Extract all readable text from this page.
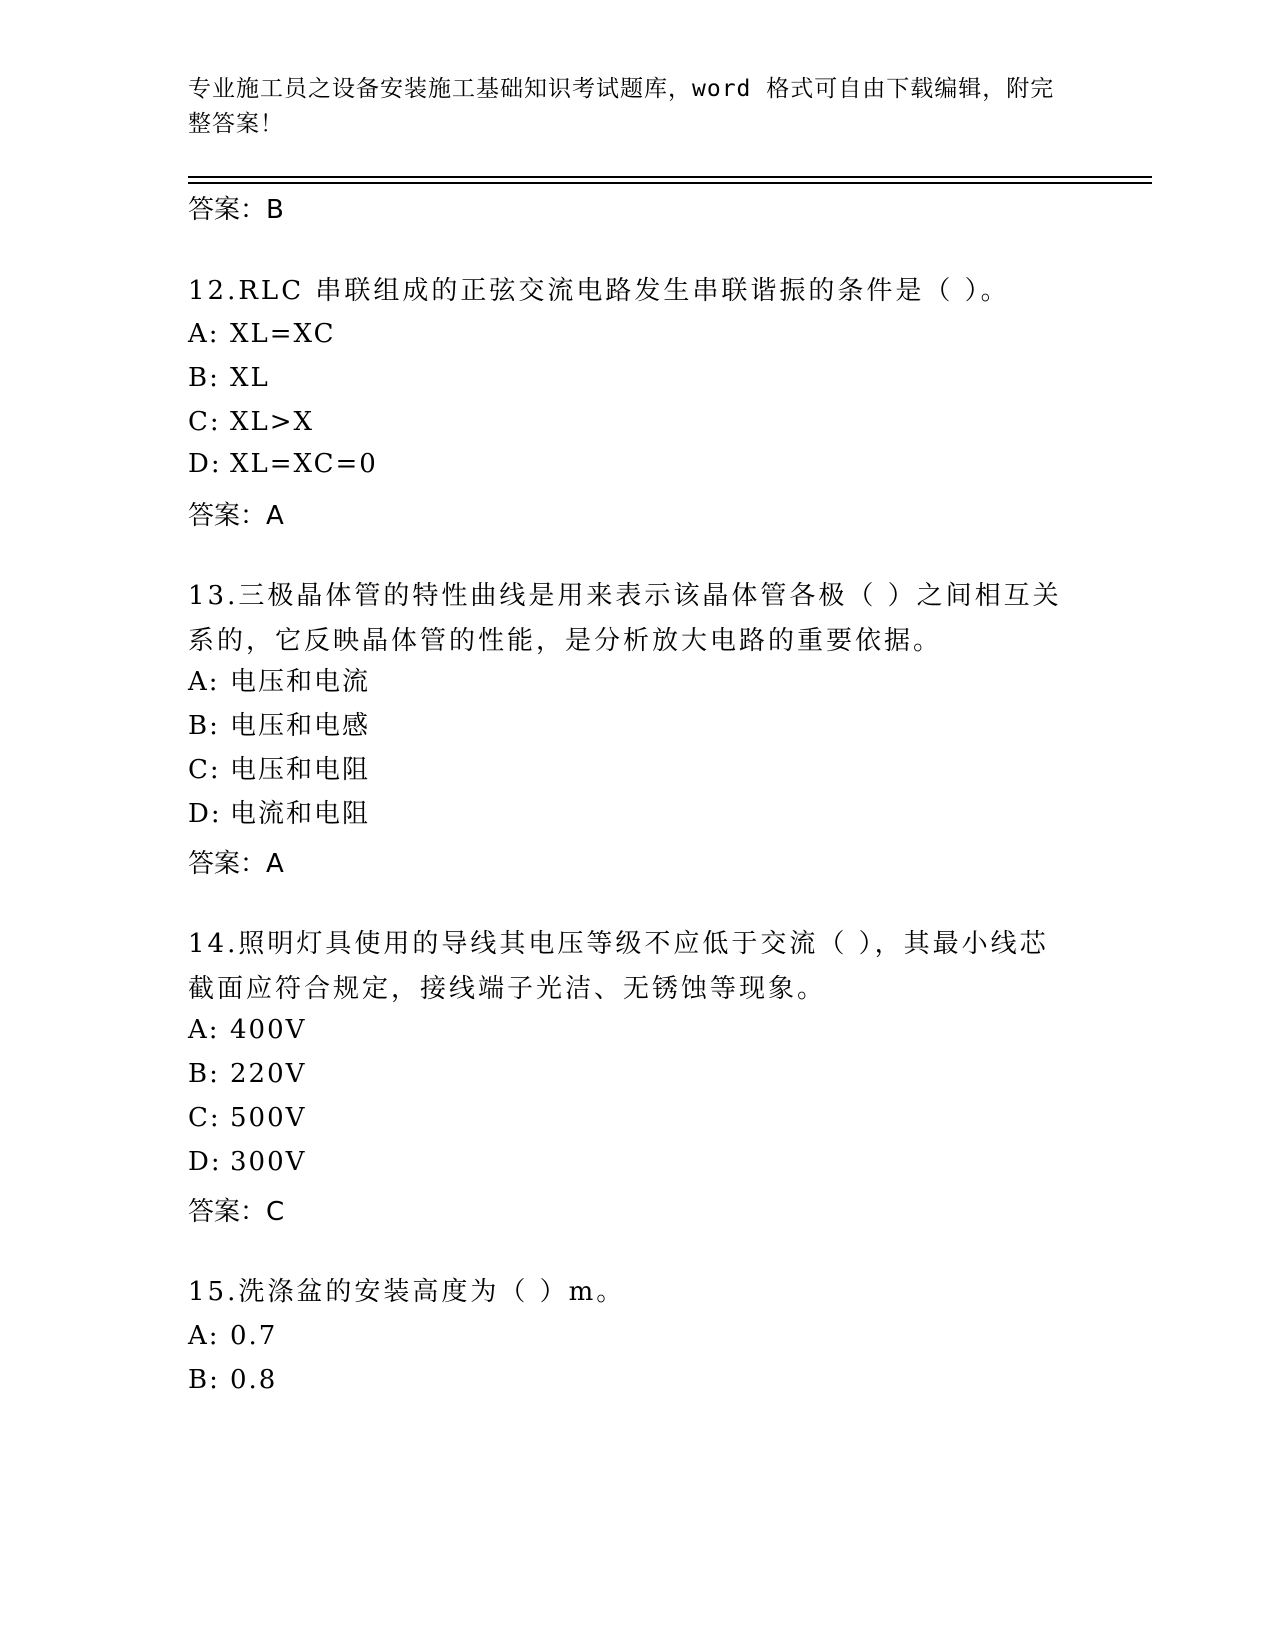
专业施工员之设备安装施工基础知识考试题库，word 格式可自由下载编辑，附完整答案！
答案：B
12.RLC 串联组成的正弦交流电路发生串联谐振的条件是（ ）。
A: XL=XC
B: XL
C: XL>X
D: XL=XC=0
答案：A
13.三极晶体管的特性曲线是用来表示该晶体管各极（ ）之间相互关系的，它反映晶体管的性能，是分析放大电路的重要依据。
A: 电压和电流
B: 电压和电感
C: 电压和电阻
D: 电流和电阻
答案：A
14.照明灯具使用的导线其电压等级不应低于交流（ ），其最小线芯截面应符合规定，接线端子光洁、无锈蚀等现象。
A: 400V
B: 220V
C: 500V
D: 300V
答案：C
15.洗涤盆的安装高度为（ ）m。
A: 0.7
B: 0.8
